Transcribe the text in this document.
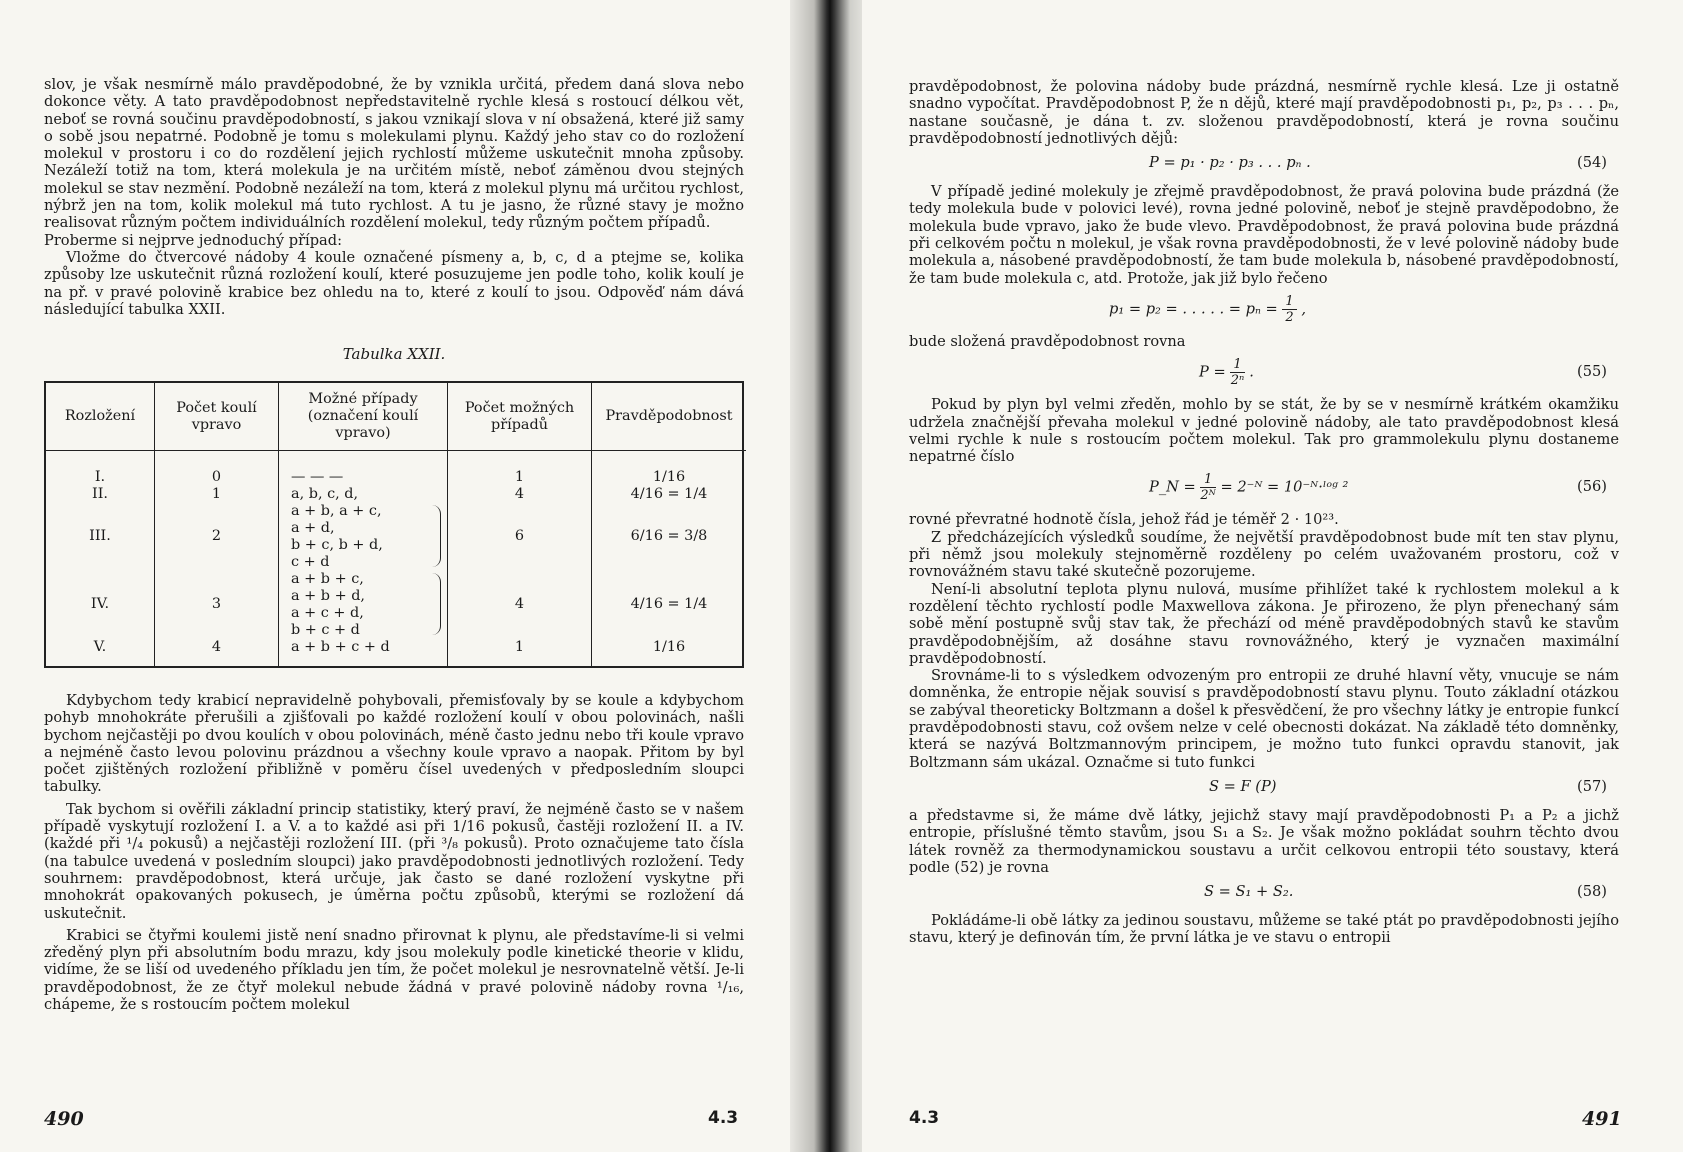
slov, je však nesmírně málo pravděpodobné, že by vznikla určitá, předem daná slova nebo dokonce věty. A tato pravděpodobnost nepředstavitelně rychle klesá s rostoucí délkou vět, neboť se rovná součinu pravděpodobností, s jakou vznikají slova v ní obsažená, které již samy o sobě jsou nepatrné. Podobně je tomu s molekulami plynu. Každý jeho stav co do rozložení molekul v prostoru i co do rozdělení jejich rychlostí můžeme uskutečnit mnoha způsoby. Nezáleží totiž na tom, která molekula je na určitém místě, neboť záměnou dvou stejných molekul se stav nezmění. Podobně nezáleží na tom, která z molekul plynu má určitou rychlost, nýbrž jen na tom, kolik molekul má tuto rychlost. A tu je jasno, že různé stavy je možno realisovat různým počtem individuálních rozdělení molekul, tedy různým počtem případů.

Proberme si nejprve jednoduchý případ:

Vložme do čtvercové nádoby 4 koule označené písmeny a, b, c, d a ptejme se, kolika způsoby lze uskutečnit různá rozložení koulí, které posuzujeme jen podle toho, kolik koulí je na př. v pravé polovině krabice bez ohledu na to, které z koulí to jsou. Odpověď nám dává následující tabulka XXII.

Tabulka XXII.
Rozložení	Počet koulí vpravo	Možné případy (označení koulí vpravo)	Počet možných případů	Pravděpodobnost

I.	0	— — —	1	1/16
II.	1	a, b, c, d,	4	4/16 = 1/4
III.	2	a + b, a + c,
a + d,
b + c, b + d,
c + d	6	6/16 = 3/8
IV.	3	a + b + c,
a + b + d,
a + c + d,
b + c + d	4	4/16 = 1/4
V.	4	a + b + c + d	1	1/16

Kdybychom tedy krabicí nepravidelně pohybovali, přemisťovaly by se koule a kdybychom pohyb mnohokráte přerušili a zjišťovali po každé rozložení koulí v obou polovinách, našli bychom nejčastěji po dvou koulích v obou polovinách, méně často jednu nebo tři koule vpravo a nejméně často levou polovinu prázdnou a všechny koule vpravo a naopak. Přitom by byl počet zjištěných rozložení přibližně v poměru čísel uvedených v předposledním sloupci tabulky.

Tak bychom si ověřili základní princip statistiky, který praví, že nejméně často se v našem případě vyskytují rozložení I. a V. a to každé asi při 1/16 pokusů, častěji rozložení II. a IV. (každé při ¹/₄ pokusů) a nejčastěji rozložení III. (při ³/₈ pokusů). Proto označujeme tato čísla (na tabulce uvedená v posledním sloupci) jako pravděpodobnosti jednotlivých rozložení. Tedy souhrnem: pravděpodobnost, která určuje, jak často se dané rozložení vyskytne při mnohokrát opakovaných pokusech, je úměrna počtu způsobů, kterými se rozložení dá uskutečnit.

Krabici se čtyřmi koulemi jistě není snadno přirovnat k plynu, ale představíme-li si velmi zředěný plyn při absolutním bodu mrazu, kdy jsou molekuly podle kinetické theorie v klidu, vidíme, že se liší od uvedeného příkladu jen tím, že počet molekul je nesrovnatelně větší. Je-li pravděpodobnost, že ze čtyř molekul nebude žádná v pravé polovině nádoby rovna ¹/₁₆, chápeme, že s rostoucím počtem molekul

490	4.3

pravděpodobnost, že polovina nádoby bude prázdná, nesmírně rychle klesá. Lze ji ostatně snadno vypočítat. Pravděpodobnost P, že n dějů, které mají pravděpodobnosti p₁, p₂, p₃ . . . pₙ, nastane současně, je dána t. zv. složenou pravděpodobností, která je rovna součinu pravděpodobností jednotlivých dějů:

P = p₁ · p₂ · p₃ . . . pₙ .	(54)

V případě jediné molekuly je zřejmě pravděpodobnost, že pravá polovina bude prázdná (že tedy molekula bude v polovici levé), rovna jedné polovině, neboť je stejně pravděpodobno, že molekula bude vpravo, jako že bude vlevo. Pravděpodobnost, že pravá polovina bude prázdná při celkovém počtu n molekul, je však rovna pravděpodobnosti, že v levé polovině nádoby bude molekula a, násobené pravděpodobností, že tam bude molekula b, násobené pravděpodobností, že tam bude molekula c, atd. Protože, jak již bylo řečeno

p₁ = p₂ = . . . . . = $p_n = \frac{1}{2}$ ,

bude složená pravděpodobnost rovna

$P = \frac{1}{\text{2ⁿ}}$ .	(55)

Pokud by plyn byl velmi zředěn, mohlo by se stát, že by se v nesmírně krátkém okamžiku udržela značnější převaha molekul v jedné polovině nádoby, ale tato pravděpodobnost klesá velmi rychle k nule s rostoucím počtem molekul. Tak pro grammolekulu plynu dostaneme nepatrné číslo

P_N = $\frac{1}{\text{2ᴺ}}$ = 2⁻ᴺ = 10⁻ᴺ·ˡᵒᵍ ²	(56)

rovné převratné hodnotě čísla, jehož řád je téměř 2 · 10²³.

Z předcházejících výsledků soudíme, že největší pravděpodobnost bude mít ten stav plynu, při němž jsou molekuly stejnoměrně rozděleny po celém uvažovaném prostoru, což v rovnovážném stavu také skutečně pozorujeme.

Není-li absolutní teplota plynu nulová, musíme přihlížet také k rychlostem molekul a k rozdělení těchto rychlostí podle Maxwellova zákona. Je přirozeno, že plyn přenechaný sám sobě mění postupně svůj stav tak, že přechází od méně pravděpodobných stavů ke stavům pravděpodobnějším, až dosáhne stavu rovnovážného, který je vyznačen maximální pravděpodobností.

Srovnáme-li to s výsledkem odvozeným pro entropii ze druhé hlavní věty, vnucuje se nám domněnka, že entropie nějak souvisí s pravděpodobností stavu plynu. Touto základní otázkou se zabýval theoreticky Boltzmann a došel k přesvědčení, že pro všechny látky je entropie funkcí pravděpodobnosti stavu, což ovšem nelze v celé obecnosti dokázat. Na základě této domněnky, která se nazývá Boltzmannovým principem, je možno tuto funkci opravdu stanovit, jak Boltzmann sám ukázal. Označme si tuto funkci

S = F (P)	(57)

a představme si, že máme dvě látky, jejichž stavy mají pravděpodobnosti P₁ a P₂ a jichž entropie, příslušné těmto stavům, jsou S₁ a S₂. Je však možno pokládat souhrn těchto dvou látek rovněž za thermodynamickou soustavu a určit celkovou entropii této soustavy, která podle (52) je rovna

S = S₁ + S₂.	(58)

Pokládáme-li obě látky za jedinou soustavu, můžeme se také ptát po pravděpodobnosti jejího stavu, který je definován tím, že první látka je ve stavu o entropii

4.3	491
